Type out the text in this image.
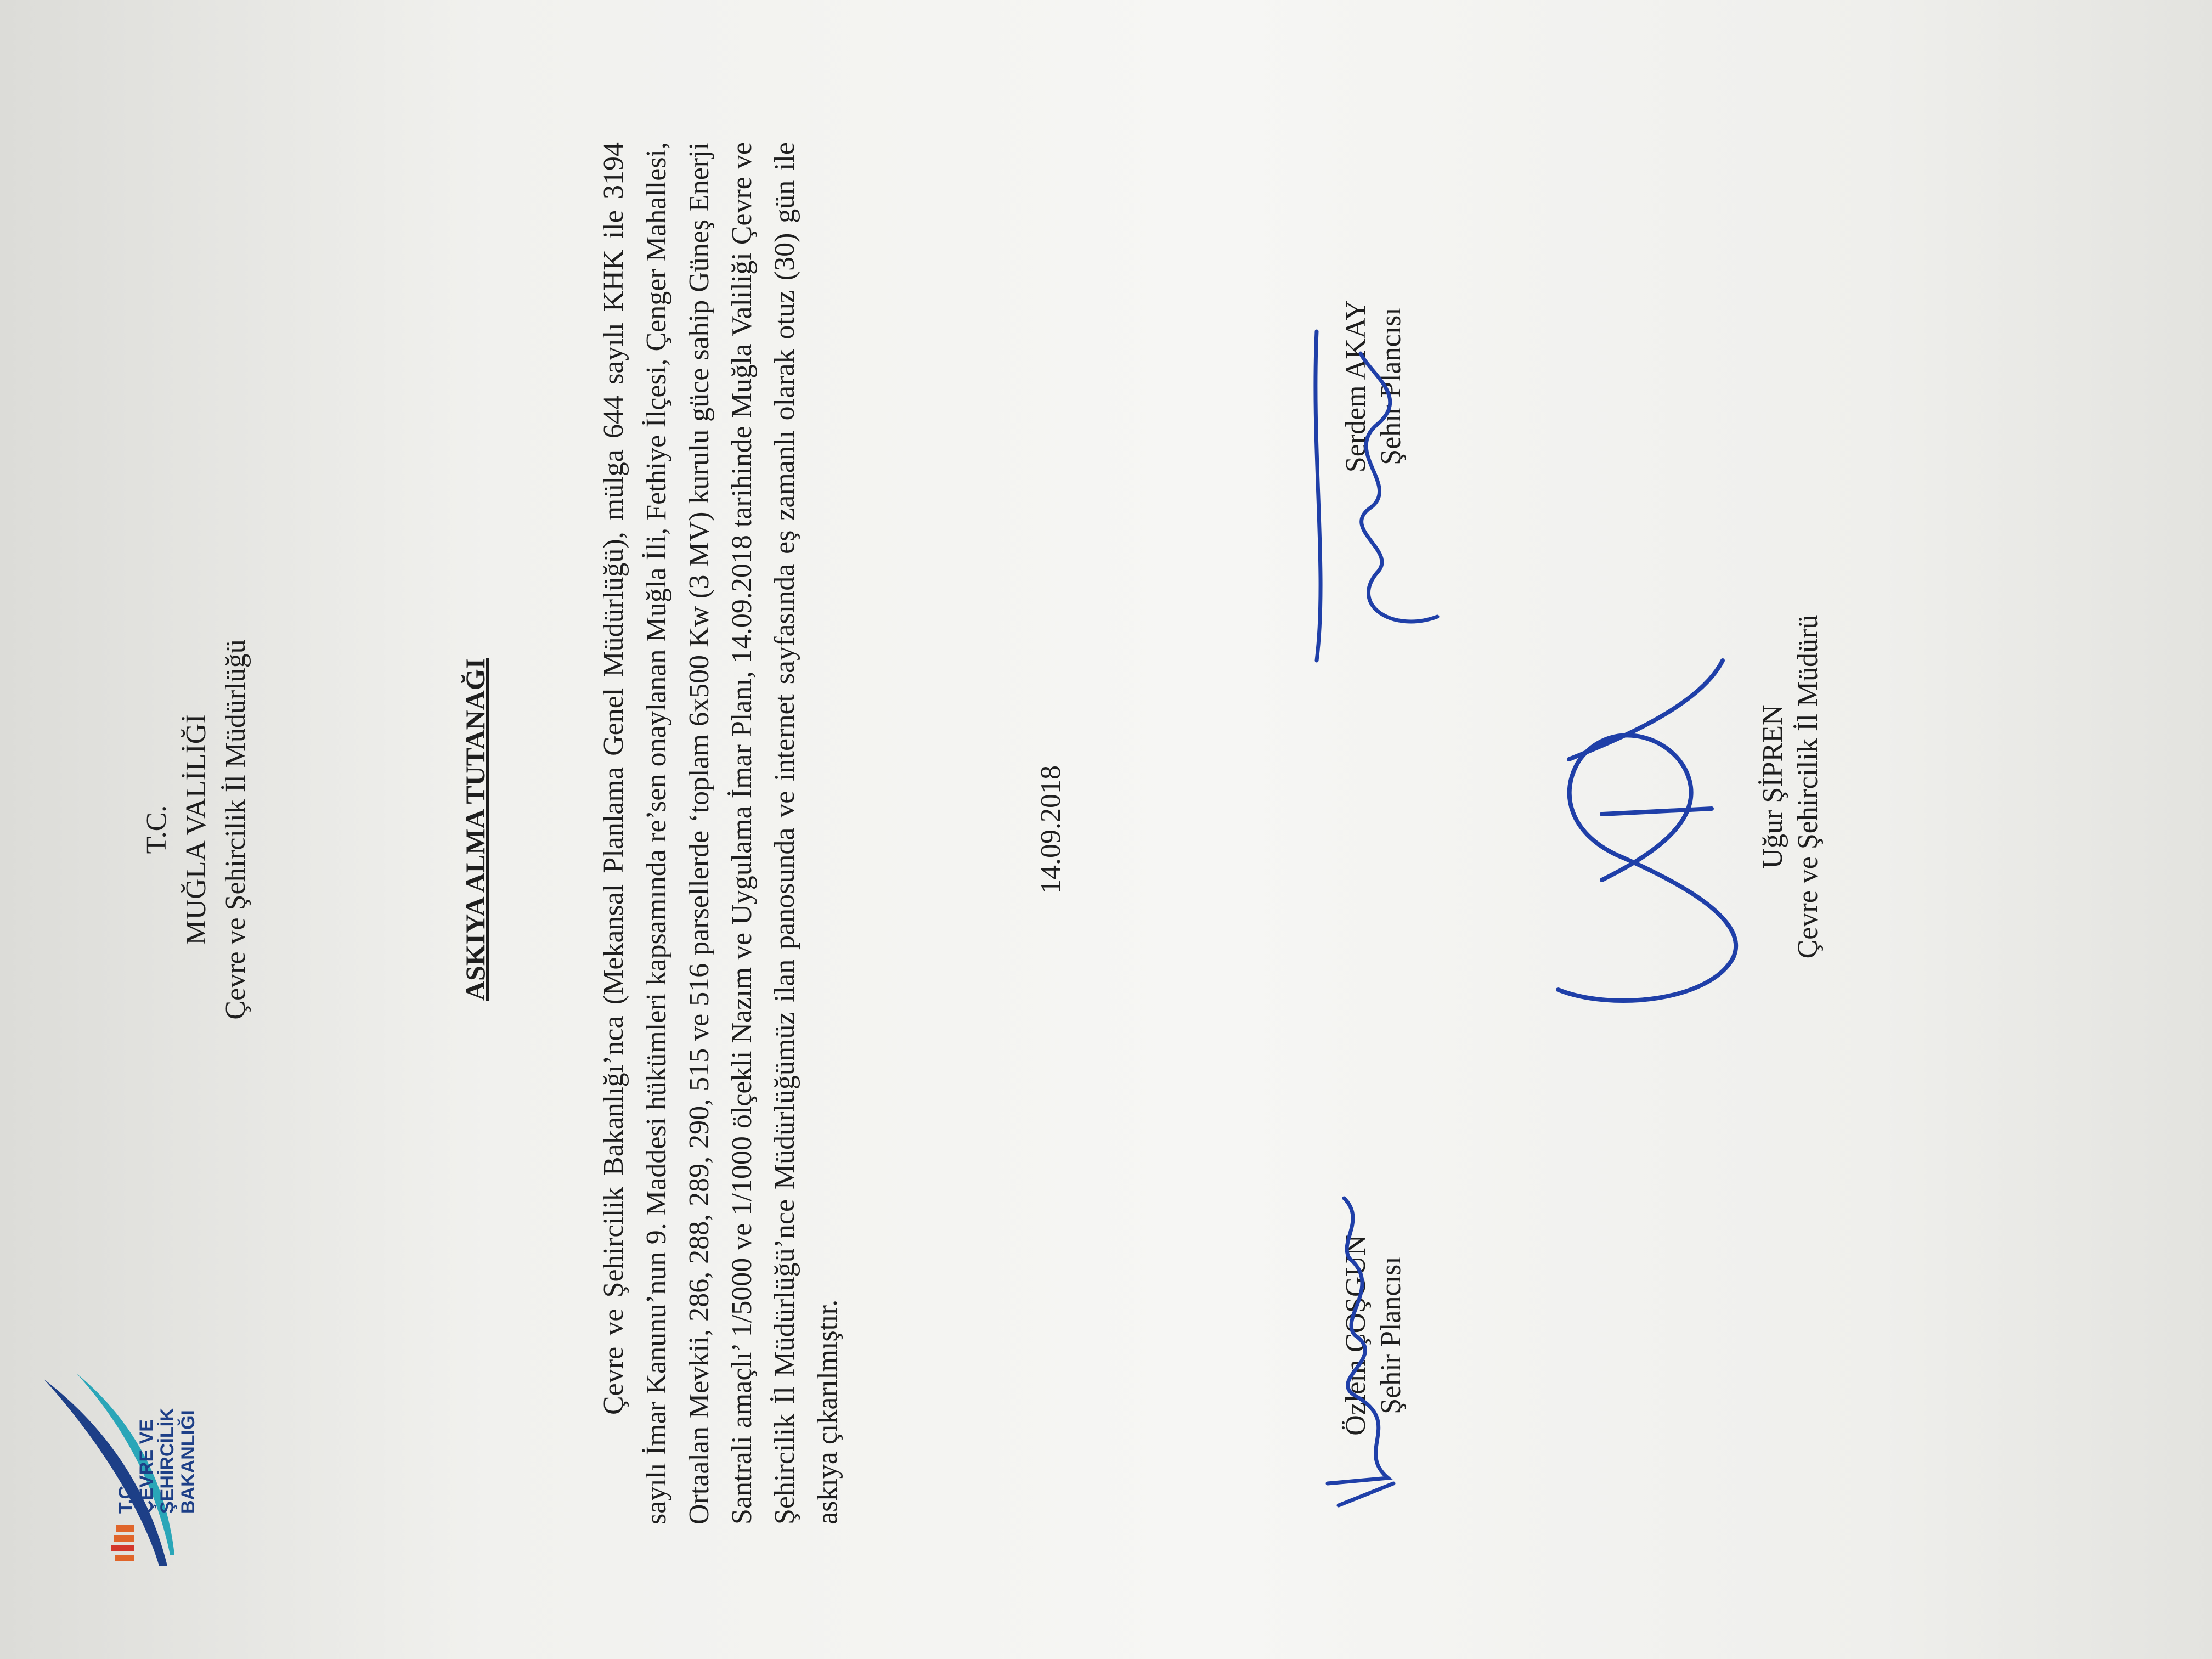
T.C. ÇEVRE VE ŞEHİRCİLİK BAKANLIĞI
T.C. MUĞLA VALİLİĞİ Çevre ve Şehircilik İl Müdürlüğü	ASKIYA ALMA TUTANAĞI	Çevre ve Şehircilik Bakanlığı’nca (Mekansal Planlama Genel Müdürlüğü), mülga 644 sayılı KHK ile 3194 sayılı İmar Kanunu’nun 9. Maddesi hükümleri kapsamında re’sen onaylanan Muğla İli, Fethiye İlçesi, Çenger Mahallesi, Ortaalan Mevkii, 286, 288, 289, 290, 515 ve 516 parsellerde ‘toplam 6x500 Kw (3 MV) kurulu güce sahip Güneş Enerji Santrali amaçlı’ 1/5000 ve 1/1000 ölçekli Nazım ve Uygulama İmar Planı, 14.09.2018 tarihinde Muğla Valiliği Çevre ve Şehircilik İl Müdürlüğü’nce Müdürlüğümüz ilan panosunda ve internet sayfasında eş zamanlı olarak otuz (30) gün ile askıya çıkarılmıştır.
14.09.2018
Özlem ÇOŞGUN Şehir Plancısı
Serdem AKAY Şehir Plancısı
Uğur ŞİPREN Çevre ve Şehircilik İl Müdürü
